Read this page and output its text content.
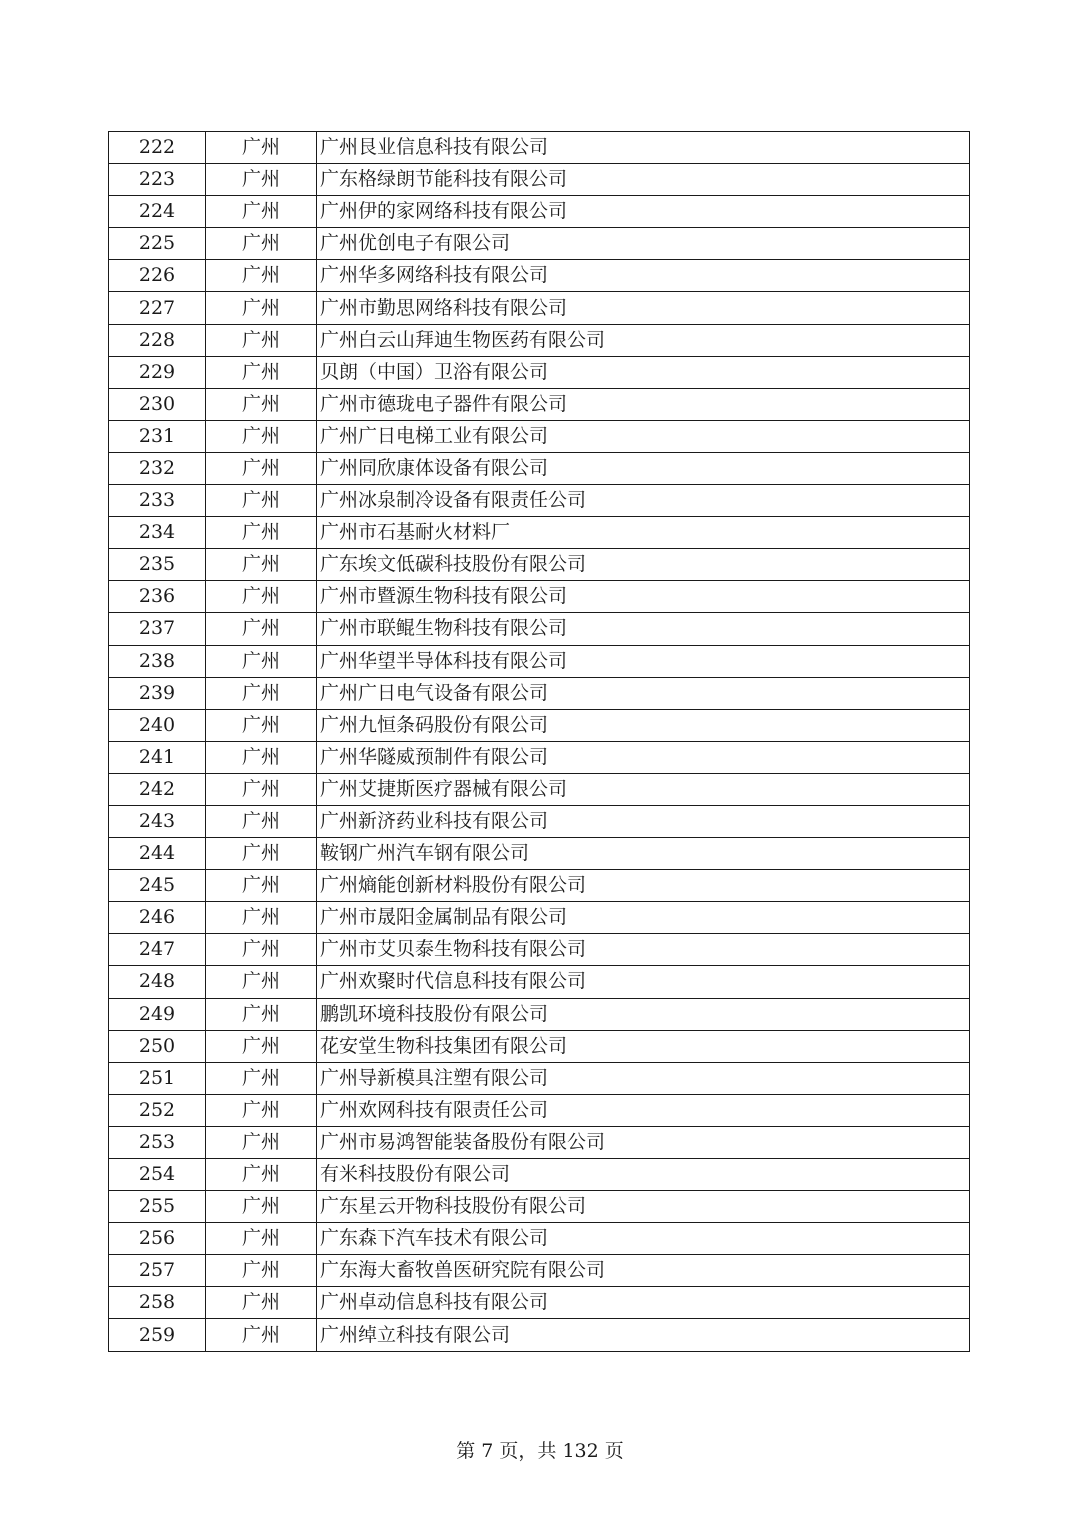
222	广州	广州艮业信息科技有限公司
223	广州	广东格绿朗节能科技有限公司
224	广州	广州伊的家网络科技有限公司
225	广州	广州优创电子有限公司
226	广州	广州华多网络科技有限公司
227	广州	广州市勤思网络科技有限公司
228	广州	广州白云山拜迪生物医药有限公司
229	广州	贝朗（中国）卫浴有限公司
230	广州	广州市德珑电子器件有限公司
231	广州	广州广日电梯工业有限公司
232	广州	广州同欣康体设备有限公司
233	广州	广州冰泉制冷设备有限责任公司
234	广州	广州市石基耐火材料厂
235	广州	广东埃文低碳科技股份有限公司
236	广州	广州市暨源生物科技有限公司
237	广州	广州市联鲲生物科技有限公司
238	广州	广州华望半导体科技有限公司
239	广州	广州广日电气设备有限公司
240	广州	广州九恒条码股份有限公司
241	广州	广州华隧威预制件有限公司
242	广州	广州艾捷斯医疗器械有限公司
243	广州	广州新济药业科技有限公司
244	广州	鞍钢广州汽车钢有限公司
245	广州	广州熵能创新材料股份有限公司
246	广州	广州市晟阳金属制品有限公司
247	广州	广州市艾贝泰生物科技有限公司
248	广州	广州欢聚时代信息科技有限公司
249	广州	鹏凯环境科技股份有限公司
250	广州	花安堂生物科技集团有限公司
251	广州	广州导新模具注塑有限公司
252	广州	广州欢网科技有限责任公司
253	广州	广州市易鸿智能装备股份有限公司
254	广州	有米科技股份有限公司
255	广州	广东星云开物科技股份有限公司
256	广州	广东森下汽车技术有限公司
257	广州	广东海大畜牧兽医研究院有限公司
258	广州	广州卓动信息科技有限公司
259	广州	广州绰立科技有限公司
第 7 页，共 132 页
